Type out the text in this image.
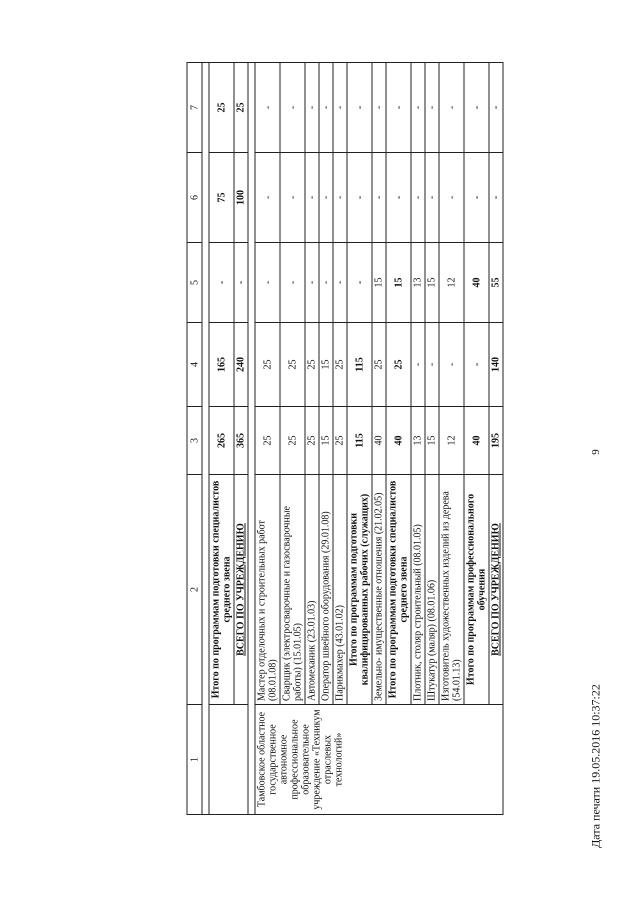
9
Дата печати 19.05.2016 10:37:22
1	2	3	4	5	6	7

	Итого по программам подготовки специалистов среднего звена	265	165	-	75	25
	ВСЕГО ПО УЧРЕЖДЕНИЮ	365	240	-	100	25

Тамбовское областное государственное автономное профессиональное образовательное учреждение «Техникум отраслевых технологий»	Мастер отделочных и строительных работ (08.01.08)	25	25	-	-	-
	Сварщик (электросварочные и газосварочные работы) (15.01.05)	25	25	-	-	-
	Автомеханик (23.01.03)	25	25	-	-	-
	Оператор швейного оборудования (29.01.08)	15	15	-	-	-
	Парикмахер (43.01.02)	25	25	-	-	-
	Итого по программам подготовки квалифицированных рабочих (служащих)	115	115	-	-	-
	Земельно- имущественные отношения (21.02.05)	40	25	15	-	-
	Итого по программам подготовки специалистов среднего звена	40	25	15	-	-
	Плотник, столяр строительный (08.01.05)	13	-	13	-	-
	Штукатур (маляр) (08.01.06)	15	-	15	-	-
	Изготовитель художественных изделий из дерева (54.01.13)	12	-	12	-	-
	Итого по программам профессионального обучения	40	-	40	-	-
	ВСЕГО ПО УЧРЕЖДЕНИЮ	195	140	55	-	-
